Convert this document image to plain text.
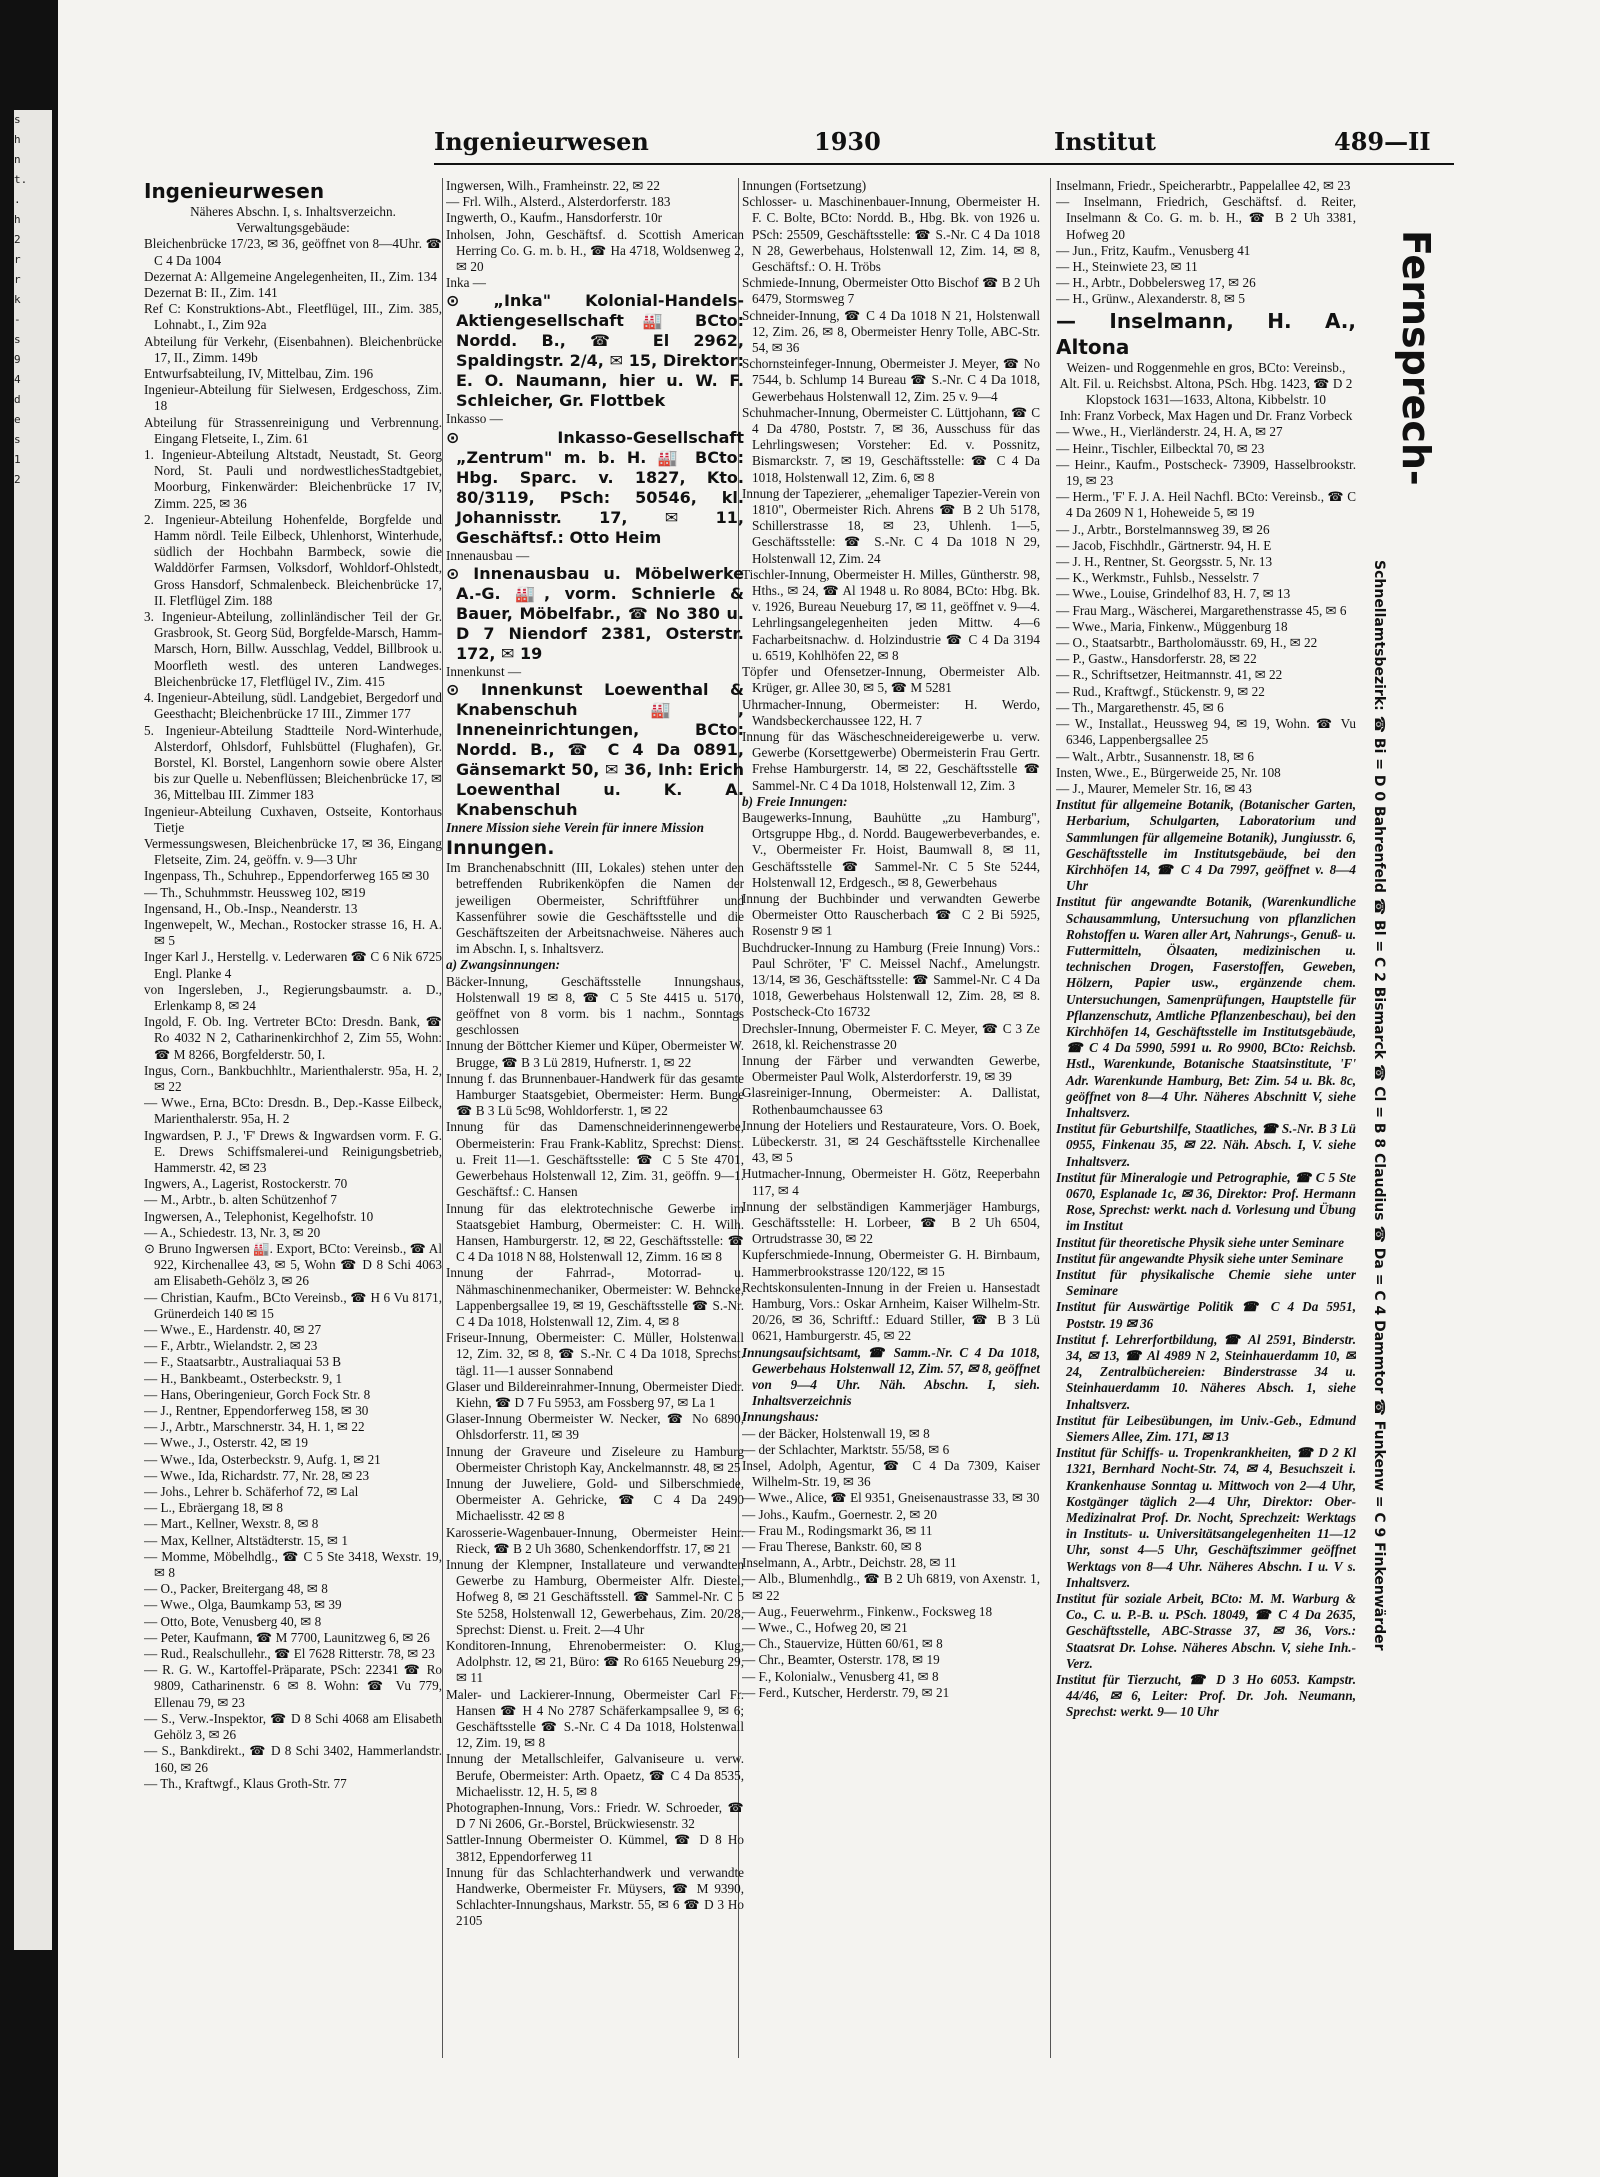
s
h
n
t.
.
h
2
r
r
k
-
s
9
4
d
e
s
1
2
Ingenieurwesen	1930	Institut	489—II

Ingenieurwesen

Näheres Abschn. I, s. Inhaltsverzeichn.

Verwaltungsgebäude:

Bleichenbrücke 17/23, ✉ 36, geöffnet von 8—4Uhr. ☎ C 4 Da 1004

Dezernat A: Allgemeine Angelegenheiten, II., Zim. 134

Dezernat B: II., Zim. 141

Ref C: Konstruktions-Abt., Fleetflügel, III., Zim. 385, Lohnabt., I., Zim 92a

Abteilung für Verkehr, (Eisenbahnen). Bleichenbrücke 17, II., Zimm. 149b

Entwurfsabteilung, IV, Mittelbau, Zim. 196

Ingenieur-Abteilung für Sielwesen, Erdgeschoss, Zim. 18

Abteilung für Strassenreinigung und Verbrennung. Eingang Fletseite, I., Zim. 61

1. Ingenieur-Abteilung Altstadt, Neustadt, St. Georg Nord, St. Pauli und nordwestlichesStadtgebiet, Moorburg, Finkenwärder: Bleichenbrücke 17 IV, Zimm. 225, ✉ 36

2. Ingenieur-Abteilung Hohenfelde, Borgfelde und Hamm nördl. Teile Eilbeck, Uhlenhorst, Winterhude, südlich der Hochbahn Barmbeck, sowie die Walddörfer Farmsen, Volksdorf, Wohldorf-Ohlstedt, Gross Hansdorf, Schmalenbeck. Bleichenbrücke 17, II. Fletflügel Zim. 188

3. Ingenieur-Abteilung, zollinländischer Teil der Gr. Grasbrook, St. Georg Süd, Borgfelde-Marsch, Hamm-Marsch, Horn, Billw. Ausschlag, Veddel, Billbrook u. Moorfleth westl. des unteren Landweges. Bleichenbrücke 17, Fletflügel IV., Zim. 415

4. Ingenieur-Abteilung, südl. Landgebiet, Bergedorf und Geesthacht; Bleichenbrücke 17 III., Zimmer 177

5. Ingenieur-Abteilung Stadtteile Nord-Winterhude, Alsterdorf, Ohlsdorf, Fuhlsbüttel (Flughafen), Gr. Borstel, Kl. Borstel, Langenhorn sowie obere Alster bis zur Quelle u. Nebenflüssen; Bleichenbrücke 17, ✉ 36, Mittelbau III. Zimmer 183

Ingenieur-Abteilung Cuxhaven, Ostseite, Kontorhaus Tietje

Vermessungswesen, Bleichenbrücke 17, ✉ 36, Eingang Fletseite, Zim. 24, geöffn. v. 9—3 Uhr

Ingenpass, Th., Schuhrep., Eppendorferweg 165 ✉ 30

— Th., Schuhmmstr. Heussweg 102, ✉19

Ingensand, H., Ob.-Insp., Neanderstr. 13

Ingenwepelt, W., Mechan., Rostocker strasse 16, H. A. ✉ 5

Inger Karl J., Herstellg. v. Lederwaren ☎ C 6 Nik 6725 Engl. Planke 4

von Ingersleben, J., Regierungsbaumstr. a. D., Erlenkamp 8, ✉ 24

Ingold, F. Ob. Ing. Vertreter BCto: Dresdn. Bank, ☎ Ro 4032 N 2, Catharinenkirchhof 2, Zim 55, Wohn: ☎ M 8266, Borgfelderstr. 50, I.

Ingus, Corn., Bankbuchhltr., Marienthalerstr. 95a, H. 2, ✉ 22

— Wwe., Erna, BCto: Dresdn. B., Dep.-Kasse Eilbeck, Marienthalerstr. 95a, H. 2

Ingwardsen, P. J., 'F' Drews & Ingwardsen vorm. F. G. E. Drews Schiffsmalerei-und Reinigungsbetrieb, Hammerstr. 42, ✉ 23

Ingwers, A., Lagerist, Rostockerstr. 70

— M., Arbtr., b. alten Schützenhof 7

Ingwersen, A., Telephonist, Kegelhofstr. 10

— A., Schiedestr. 13, Nr. 3, ✉ 20

⊙ Bruno Ingwersen 🏭. Export, BCto: Vereinsb., ☎ Al 922, Kirchenallee 43, ✉ 5, Wohn ☎ D 8 Schi 4063 am Elisabeth-Gehölz 3, ✉ 26

— Christian, Kaufm., BCto Vereinsb., ☎ H 6 Vu 8171, Grünerdeich 140 ✉ 15

— Wwe., E., Hardenstr. 40, ✉ 27

— F., Arbtr., Wielandstr. 2, ✉ 23

— F., Staatsarbtr., Australiaquai 53 B

— H., Bankbeamt., Osterbeckstr. 9, 1

— Hans, Oberingenieur, Gorch Fock Str. 8

— J., Rentner, Eppendorferweg 158, ✉ 30

— J., Arbtr., Marschnerstr. 34, H. 1, ✉ 22

— Wwe., J., Osterstr. 42, ✉ 19

— Wwe., Ida, Osterbeckstr. 9, Aufg. 1, ✉ 21

— Wwe., Ida, Richardstr. 77, Nr. 28, ✉ 23

— Johs., Lehrer b. Schäferhof 72, ✉ Lal

— L., Ebräergang 18, ✉ 8

— Mart., Kellner, Wexstr. 8, ✉ 8

— Max, Kellner, Altstädterstr. 15, ✉ 1

— Momme, Möbelhdlg., ☎ C 5 Ste 3418, Wexstr. 19, ✉ 8

— O., Packer, Breitergang 48, ✉ 8

— Wwe., Olga, Baumkamp 53, ✉ 39

— Otto, Bote, Venusberg 40, ✉ 8

— Peter, Kaufmann, ☎ M 7700, Launitzweg 6, ✉ 26

— Rud., Realschullehr., ☎ El 7628 Ritterstr. 78, ✉ 23

— R. G. W., Kartoffel-Präparate, PSch: 22341 ☎ Ro 9809, Catharinenstr. 6 ✉ 8. Wohn: ☎ Vu 779, Ellenau 79, ✉ 23

— S., Verw.-Inspektor, ☎ D 8 Schi 4068 am Elisabeth Gehölz 3, ✉ 26

— S., Bankdirekt., ☎ D 8 Schi 3402, Hammerlandstr. 160, ✉ 26

— Th., Kraftwgf., Klaus Groth-Str. 77

Ingwersen, Wilh., Framheinstr. 22, ✉ 22

— Frl. Wilh., Alsterd., Alsterdorferstr. 183

Ingwerth, O., Kaufm., Hansdorferstr. 10r

Inholsen, John, Geschäftsf. d. Scottish American Herring Co. G. m. b. H., ☎ Ha 4718, Woldsenweg 2, ✉ 20

Inka —

⊙ „Inka" Kolonial-Handels-Aktiengesellschaft 🏭 BCto: Nordd. B., ☎ El 2962, Spaldingstr. 2/4, ✉ 15, Direktor: E. O. Naumann, hier u. W. F. Schleicher, Gr. Flottbek

Inkasso —

⊙ Inkasso-Gesellschaft „Zentrum" m. b. H. 🏭 BCto: Hbg. Sparc. v. 1827, Kto. 80/3119, PSch: 50546, kl. Johannisstr. 17, ✉ 11, Geschäftsf.: Otto Heim

Innenausbau —

⊙ Innenausbau u. Möbelwerke A.-G. 🏭, vorm. Schnierle & Bauer, Möbelfabr., ☎ No 380 u. D 7 Niendorf 2381, Osterstr. 172, ✉ 19

Innenkunst —

⊙ Innenkunst Loewenthal & Knabenschuh 🏭, Inneneinrichtungen, BCto: Nordd. B., ☎ C 4 Da 0891, Gänsemarkt 50, ✉ 36, Inh: Erich Loewenthal u. K. A. Knabenschuh

Innere Mission siehe Verein für innere Mission

Innungen.

Im Branchenabschnitt (III, Lokales) stehen unter den betreffenden Rubrikenköpfen die Namen der jeweiligen Obermeister, Schriftführer und Kassenführer sowie die Geschäftsstelle und die Geschäftszeiten der Arbeitsnachweise. Näheres auch im Abschn. I, s. Inhaltsverz.

a) Zwangsinnungen:

Bäcker-Innung, Geschäftsstelle Innungshaus, Holstenwall 19 ✉ 8, ☎ C 5 Ste 4415 u. 5170, geöffnet von 8 vorm. bis 1 nachm., Sonntags geschlossen

Innung der Böttcher Kiemer und Küper, Obermeister W. Brugge, ☎ B 3 Lü 2819, Hufnerstr. 1, ✉ 22

Innung f. das Brunnenbauer-Handwerk für das gesamte Hamburger Staatsgebiet, Obermeister: Herm. Bunge ☎ B 3 Lü 5c98, Wohldorferstr. 1, ✉ 22

Innung für das Damenschneiderinnengewerbe, Obermeisterin: Frau Frank-Kablitz, Sprechst: Dienst. u. Freit 11—1. Geschäftsstelle: ☎ C 5 Ste 4701, Gewerbehaus Holstenwall 12, Zim. 31, geöffn. 9—1. Geschäftsf.: C. Hansen

Innung für das elektrotechnische Gewerbe im Staatsgebiet Hamburg, Obermeister: C. H. Wilh. Hansen, Hamburgerstr. 12, ✉ 22, Geschäftsstelle: ☎ C 4 Da 1018 N 88, Holstenwall 12, Zimm. 16 ✉ 8

Innung der Fahrrad-, Motorrad- u. Nähmaschinenmechaniker, Obermeister: W. Behncke, Lappenbergsallee 19, ✉ 19, Geschäftsstelle ☎ S.-Nr. C 4 Da 1018, Holstenwall 12, Zim. 4, ✉ 8

Friseur-Innung, Obermeister: C. Müller, Holstenwall 12, Zim. 32, ✉ 8, ☎ S.-Nr. C 4 Da 1018, Sprechst. tägl. 11—1 ausser Sonnabend

Glaser und Bildereinrahmer-Innung, Obermeister Diedr. Kiehn, ☎ D 7 Fu 5953, am Fossberg 97, ✉ La 1

Glaser-Innung Obermeister W. Necker, ☎ No 6890, Ohlsdorferstr. 11, ✉ 39

Innung der Graveure und Ziseleure zu Hamburg Obermeister Christoph Kay, Anckelmannstr. 48, ✉ 25

Innung der Juweliere, Gold- und Silberschmiede, Obermeister A. Gehricke, ☎ C 4 Da 2490 Michaelisstr. 42 ✉ 8

Karosserie-Wagenbauer-Innung, Obermeister Heinr. Rieck, ☎ B 2 Uh 3680, Schenkendorffstr. 17, ✉ 21

Innung der Klempner, Installateure und verwandten Gewerbe zu Hamburg, Obermeister Alfr. Diestel, Hofweg 8, ✉ 21 Geschäftsstell. ☎ Sammel-Nr. C 5 Ste 5258, Holstenwall 12, Gewerbehaus, Zim. 20/28, Sprechst: Dienst. u. Freit. 2—4 Uhr

Konditoren-Innung, Ehrenobermeister: O. Klug, Adolphstr. 12, ✉ 21, Büro: ☎ Ro 6165 Neueburg 29, ✉ 11

Maler- und Lackierer-Innung, Obermeister Carl Fr. Hansen ☎ H 4 No 2787 Schäferkampsallee 9, ✉ 6; Geschäftsstelle ☎ S.-Nr. C 4 Da 1018, Holstenwall 12, Zim. 19, ✉ 8

Innung der Metallschleifer, Galvaniseure u. verw. Berufe, Obermeister: Arth. Opaetz, ☎ C 4 Da 8535, Michaelisstr. 12, H. 5, ✉ 8

Photographen-Innung, Vors.: Friedr. W. Schroeder, ☎ D 7 Ni 2606, Gr.-Borstel, Brückwiesenstr. 32

Sattler-Innung Obermeister O. Kümmel, ☎ D 8 Ho 3812, Eppendorferweg 11

Innung für das Schlachterhandwerk und verwandte Handwerke, Obermeister Fr. Müysers, ☎ M 9390, Schlachter-Innungshaus, Markstr. 55, ✉ 6 ☎ D 3 Ho 2105

Innungen (Fortsetzung)

Schlosser- u. Maschinenbauer-Innung, Obermeister H. F. C. Bolte, BCto: Nordd. B., Hbg. Bk. von 1926 u. PSch: 25509, Geschäftsstelle: ☎ S.-Nr. C 4 Da 1018 N 28, Gewerbehaus, Holstenwall 12, Zim. 14, ✉ 8, Geschäftsf.: O. H. Tröbs

Schmiede-Innung, Obermeister Otto Bischof ☎ B 2 Uh 6479, Stormsweg 7

Schneider-Innung, ☎ C 4 Da 1018 N 21, Holstenwall 12, Zim. 26, ✉ 8, Obermeister Henry Tolle, ABC-Str. 54, ✉ 36

Schornsteinfeger-Innung, Obermeister J. Meyer, ☎ No 7544, b. Schlump 14 Bureau ☎ S.-Nr. C 4 Da 1018, Gewerbehaus Holstenwall 12, Zim. 25 v. 9—4

Schuhmacher-Innung, Obermeister C. Lüttjohann, ☎ C 4 Da 4780, Poststr. 7, ✉ 36, Ausschuss für das Lehrlingswesen; Vorsteher: Ed. v. Possnitz, Bismarckstr. 7, ✉ 19, Geschäftsstelle: ☎ C 4 Da 1018, Holstenwall 12, Zim. 6, ✉ 8

Innung der Tapezierer, „ehemaliger Tapezier-Verein von 1810", Obermeister Rich. Ahrens ☎ B 2 Uh 5178, Schillerstrasse 18, ✉ 23, Uhlenh. 1—5, Geschäftsstelle: ☎ S.-Nr. C 4 Da 1018 N 29, Holstenwall 12, Zim. 24

Tischler-Innung, Obermeister H. Milles, Güntherstr. 98, Hths., ✉ 24, ☎ Al 1948 u. Ro 8084, BCto: Hbg. Bk. v. 1926, Bureau Neueburg 17, ✉ 11, geöffnet v. 9—4. Lehrlingsangelegenheiten jeden Mittw. 4—6 Facharbeitsnachw. d. Holzindustrie ☎ C 4 Da 3194 u. 6519, Kohlhöfen 22, ✉ 8

Töpfer und Ofensetzer-Innung, Obermeister Alb. Krüger, gr. Allee 30, ✉ 5, ☎ M 5281

Uhrmacher-Innung, Obermeister: H. Werdo, Wandsbeckerchaussee 122, H. 7

Innung für das Wäscheschneidereigewerbe u. verw. Gewerbe (Korsettgewerbe) Obermeisterin Frau Gertr. Frehse Hamburgerstr. 14, ✉ 22, Geschäftsstelle ☎ Sammel-Nr. C 4 Da 1018, Holstenwall 12, Zim. 3

b) Freie Innungen:

Baugewerks-Innung, Bauhütte „zu Hamburg", Ortsgruppe Hbg., d. Nordd. Baugewerbeverbandes, e. V., Obermeister Fr. Hoist, Baumwall 8, ✉ 11, Geschäftsstelle ☎ Sammel-Nr. C 5 Ste 5244, Holstenwall 12, Erdgesch., ✉ 8, Gewerbehaus

Innung der Buchbinder und verwandten Gewerbe Obermeister Otto Rauscherbach ☎ C 2 Bi 5925, Rosenstr 9 ✉ 1

Buchdrucker-Innung zu Hamburg (Freie Innung) Vors.: Paul Schröter, 'F' C. Meissel Nachf., Amelungstr. 13/14, ✉ 36, Geschäftsstelle: ☎ Sammel-Nr. C 4 Da 1018, Gewerbehaus Holstenwall 12, Zim. 28, ✉ 8. Postscheck-Cto 16732

Drechsler-Innung, Obermeister F. C. Meyer, ☎ C 3 Ze 2618, kl. Reichenstrasse 20

Innung der Färber und verwandten Gewerbe, Obermeister Paul Wolk, Alsterdorferstr. 19, ✉ 39

Glasreiniger-Innung, Obermeister: A. Dallistat, Rothenbaumchaussee 63

Innung der Hoteliers und Restaurateure, Vors. O. Boek, Lübeckerstr. 31, ✉ 24 Geschäftsstelle Kirchenallee 43, ✉ 5

Hutmacher-Innung, Obermeister H. Götz, Reeperbahn 117, ✉ 4

Innung der selbständigen Kammerjäger Hamburgs, Geschäftsstelle: H. Lorbeer, ☎ B 2 Uh 6504, Ortrudstrasse 30, ✉ 22

Kupferschmiede-Innung, Obermeister G. H. Birnbaum, Hammerbrookstrasse 120/122, ✉ 15

Rechtskonsulenten-Innung in der Freien u. Hansestadt Hamburg, Vors.: Oskar Arnheim, Kaiser Wilhelm-Str. 20/26, ✉ 36, Schriftf.: Eduard Stiller, ☎ B 3 Lü 0621, Hamburgerstr. 45, ✉ 22

Innungsaufsichtsamt, ☎ Samm.-Nr. C 4 Da 1018, Gewerbehaus Holstenwall 12, Zim. 57, ✉ 8, geöffnet von 9—4 Uhr. Näh. Abschn. I, sieh. Inhaltsverzeichnis

Innungshaus:

— der Bäcker, Holstenwall 19, ✉ 8

— der Schlachter, Marktstr. 55/58, ✉ 6

Insel, Adolph, Agentur, ☎ C 4 Da 7309, Kaiser Wilhelm-Str. 19, ✉ 36

— Wwe., Alice, ☎ El 9351, Gneisenaustrasse 33, ✉ 30

— Johs., Kaufm., Goernestr. 2, ✉ 20

— Frau M., Rodingsmarkt 36, ✉ 11

— Frau Therese, Bankstr. 60, ✉ 8

Inselmann, A., Arbtr., Deichstr. 28, ✉ 11

— Alb., Blumenhdlg., ☎ B 2 Uh 6819, von Axenstr. 1, ✉ 22

— Aug., Feuerwehrm., Finkenw., Focksweg 18

— Wwe., C., Hofweg 20, ✉ 21

— Ch., Stauervize, Hütten 60/61, ✉ 8

— Chr., Beamter, Osterstr. 178, ✉ 19

— F., Kolonialw., Venusberg 41, ✉ 8

— Ferd., Kutscher, Herderstr. 79, ✉ 21

Inselmann, Friedr., Speicherarbtr., Pappelallee 42, ✉ 23

— Inselmann, Friedrich, Geschäftsf. d. Reiter, Inselmann & Co. G. m. b. H., ☎ B 2 Uh 3381, Hofweg 20

— Jun., Fritz, Kaufm., Venusberg 41

— H., Steinwiete 23, ✉ 11

— H., Arbtr., Dobbelersweg 17, ✉ 26

— H., Grünw., Alexanderstr. 8, ✉ 5

— Inselmann, H. A., Altona

Weizen- und Roggenmehle en gros, BCto: Vereinsb., Alt. Fil. u. Reichsbst. Altona, PSch. Hbg. 1423, ☎ D 2 Klopstock 1631—1633, Altona, Kibbelstr. 10

Inh: Franz Vorbeck, Max Hagen und Dr. Franz Vorbeck

— Wwe., H., Vierländerstr. 24, H. A, ✉ 27

— Heinr., Tischler, Eilbecktal 70, ✉ 23

— Heinr., Kaufm., Postscheck- 73909, Hasselbrookstr. 19, ✉ 23

— Herm., 'F' F. J. A. Heil Nachfl. BCto: Vereinsb., ☎ C 4 Da 2609 N 1, Hoheweide 5, ✉ 19

— J., Arbtr., Borstelmannsweg 39, ✉ 26

— Jacob, Fischhdlr., Gärtnerstr. 94, H. E

— J. H., Rentner, St. Georgsstr. 5, Nr. 13

— K., Werkmstr., Fuhlsb., Nesselstr. 7

— Wwe., Louise, Grindelhof 83, H. 7, ✉ 13

— Frau Marg., Wäscherei, Margarethenstrasse 45, ✉ 6

— Wwe., Maria, Finkenw., Müggenburg 18

— O., Staatsarbtr., Bartholomäusstr. 69, H., ✉ 22

— P., Gastw., Hansdorferstr. 28, ✉ 22

— R., Schriftsetzer, Heitmannstr. 41, ✉ 22

— Rud., Kraftwgf., Stückenstr. 9, ✉ 22

— Th., Margarethenstr. 45, ✉ 6

— W., Installat., Heussweg 94, ✉ 19, Wohn. ☎ Vu 6346, Lappenbergsallee 25

— Walt., Arbtr., Susannenstr. 18, ✉ 6

Insten, Wwe., E., Bürgerweide 25, Nr. 108

— J., Maurer, Memeler Str. 16, ✉ 43

Institut für allgemeine Botanik, (Botanischer Garten, Herbarium, Schulgarten, Laboratorium und Sammlungen für allgemeine Botanik), Jungiusstr. 6, Geschäftsstelle im Institutsgebäude, bei den Kirchhöfen 14, ☎ C 4 Da 7997, geöffnet v. 8—4 Uhr

Institut für angewandte Botanik, (Warenkundliche Schausammlung, Untersuchung von pflanzlichen Rohstoffen u. Waren aller Art, Nahrungs-, Genuß- u. Futtermitteln, Ölsaaten, medizinischen u. technischen Drogen, Faserstoffen, Geweben, Hölzern, Papier usw., ergänzende chem. Untersuchungen, Samenprüfungen, Hauptstelle für Pflanzenschutz, Amtliche Pflanzenbeschau), bei den Kirchhöfen 14, Geschäftsstelle im Institutsgebäude, ☎ C 4 Da 5990, 5991 u. Ro 9900, BCto: Reichsb. Hstl., Warenkunde, Botanische Staatsinstitute, 'F' Adr. Warenkunde Hamburg, Bet: Zim. 54 u. Bk. 8c, geöffnet von 8—4 Uhr. Näheres Abschnitt V, siehe Inhaltsverz.

Institut für Geburtshilfe, Staatliches, ☎ S.-Nr. B 3 Lü 0955, Finkenau 35, ✉ 22. Näh. Absch. I, V. siehe Inhaltsverz.

Institut für Mineralogie und Petrographie, ☎ C 5 Ste 0670, Esplanade 1c, ✉ 36, Direktor: Prof. Hermann Rose, Sprechst: werkt. nach d. Vorlesung und Übung im Institut

Institut für theoretische Physik siehe unter Seminare

Institut für angewandte Physik siehe unter Seminare

Institut für physikalische Chemie siehe unter Seminare

Institut für Auswärtige Politik ☎ C 4 Da 5951, Poststr. 19 ✉ 36

Institut f. Lehrerfortbildung, ☎ Al 2591, Binderstr. 34, ✉ 13, ☎ Al 4989 N 2, Steinhauerdamm 10, ✉ 24, Zentralbüchereien: Binderstrasse 34 u. Steinhauerdamm 10. Näheres Absch. 1, siehe Inhaltsverz.

Institut für Leibesübungen, im Univ.-Geb., Edmund Siemers Allee, Zim. 171, ✉ 13

Institut für Schiffs- u. Tropenkrankheiten, ☎ D 2 Kl 1321, Bernhard Nocht-Str. 74, ✉ 4, Besuchszeit i. Krankenhause Sonntag u. Mittwoch von 2—4 Uhr, Kostgänger täglich 2—4 Uhr, Direktor: Ober-Medizinalrat Prof. Dr. Nocht, Sprechzeit: Werktags in Instituts- u. Universitätsangelegenheiten 11—12 Uhr, sonst 4—5 Uhr, Geschäftszimmer geöffnet Werktags von 8—4 Uhr. Näheres Abschn. I u. V s. Inhaltsverz.

Institut für soziale Arbeit, BCto: M. M. Warburg & Co., C. u. P.-B. u. PSch. 18049, ☎ C 4 Da 2635, Geschäftsstelle, ABC-Strasse 37, ✉ 36, Vors.: Staatsrat Dr. Lohse. Näheres Abschn. V, siehe Inh.-Verz.

Institut für Tierzucht, ☎ D 3 Ho 6053. Kampstr. 44/46, ✉ 6, Leiter: Prof. Dr. Joh. Neumann, Sprechst: werkt. 9— 10 Uhr

Fernsprech-
Schnellamtsbezirk: ☎ Bi = D 0 Bahrenfeld ☎ Bl = C 2 Bismarck ☎ Cl = B 8 Claudius ☎ Da = C 4 Dammtor ☎ Funkenw = C 9 Finkenwärder
